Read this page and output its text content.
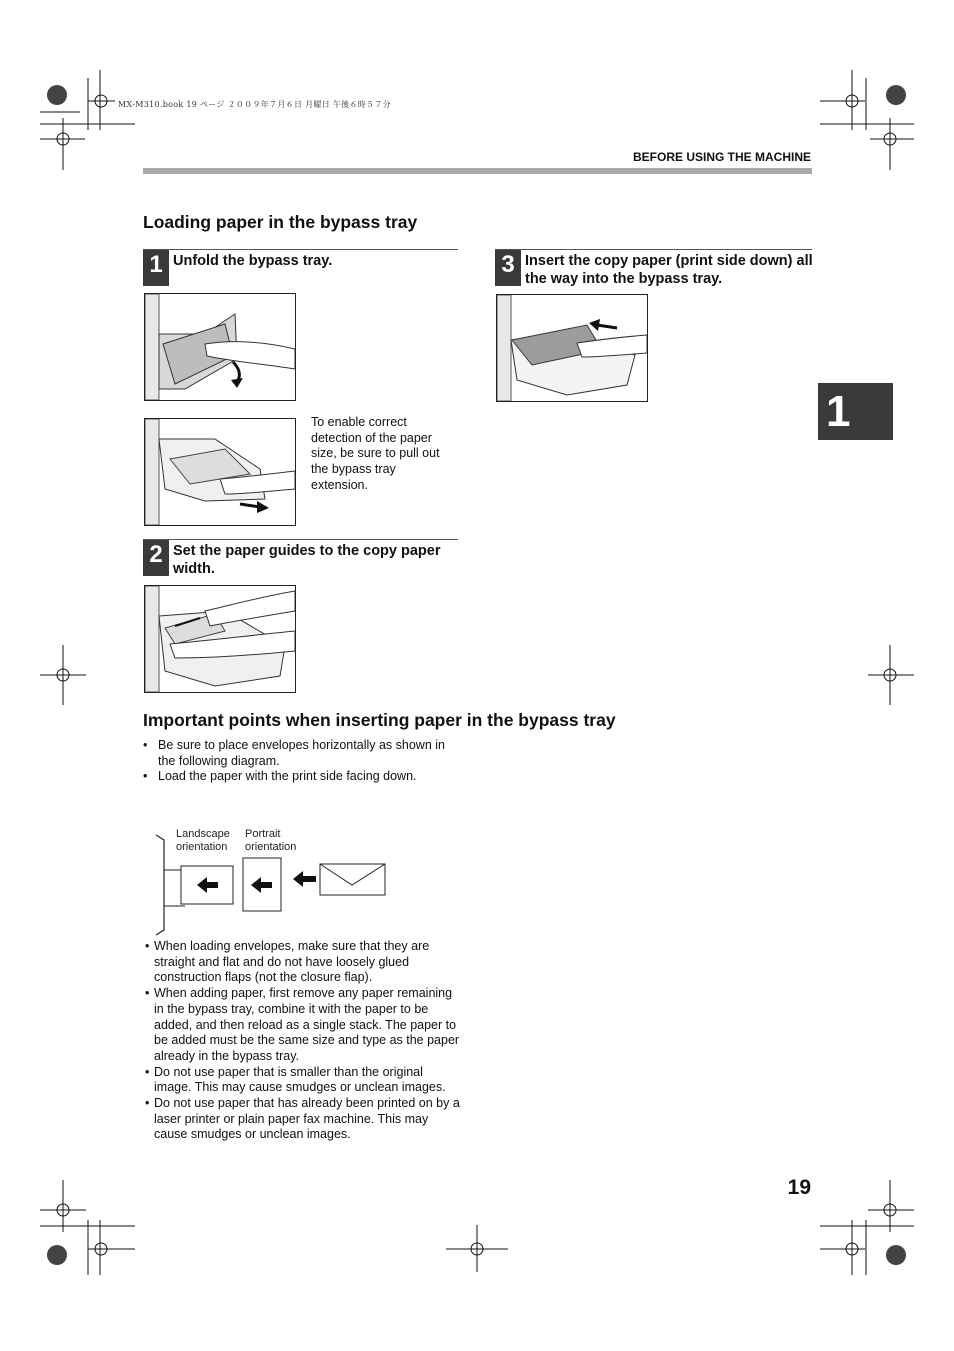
MX-M310.book 19 ページ ２００９年７月６日 月曜日 午後６時５７分
BEFORE USING THE MACHINE
Loading paper in the bypass tray
1 Unfold the bypass tray.
To enable correct detection of the paper size, be sure to pull out the bypass tray extension.
2 Set the paper guides to the copy paper width.
3 Insert the copy paper (print side down) all the way into the bypass tray.
1
Important points when inserting paper in the bypass tray
• Be sure to place envelopes horizontally as shown in the following diagram.
• Load the paper with the print side facing down.
Landscape orientation
Portrait orientation
• When loading envelopes, make sure that they are straight and flat and do not have loosely glued construction flaps (not the closure flap).
• When adding paper, first remove any paper remaining in the bypass tray, combine it with the paper to be added, and then reload as a single stack. The paper to be added must be the same size and type as the paper already in the bypass tray.
• Do not use paper that is smaller than the original image. This may cause smudges or unclean images.
• Do not use paper that has already been printed on by a laser printer or plain paper fax machine. This may cause smudges or unclean images.
19
